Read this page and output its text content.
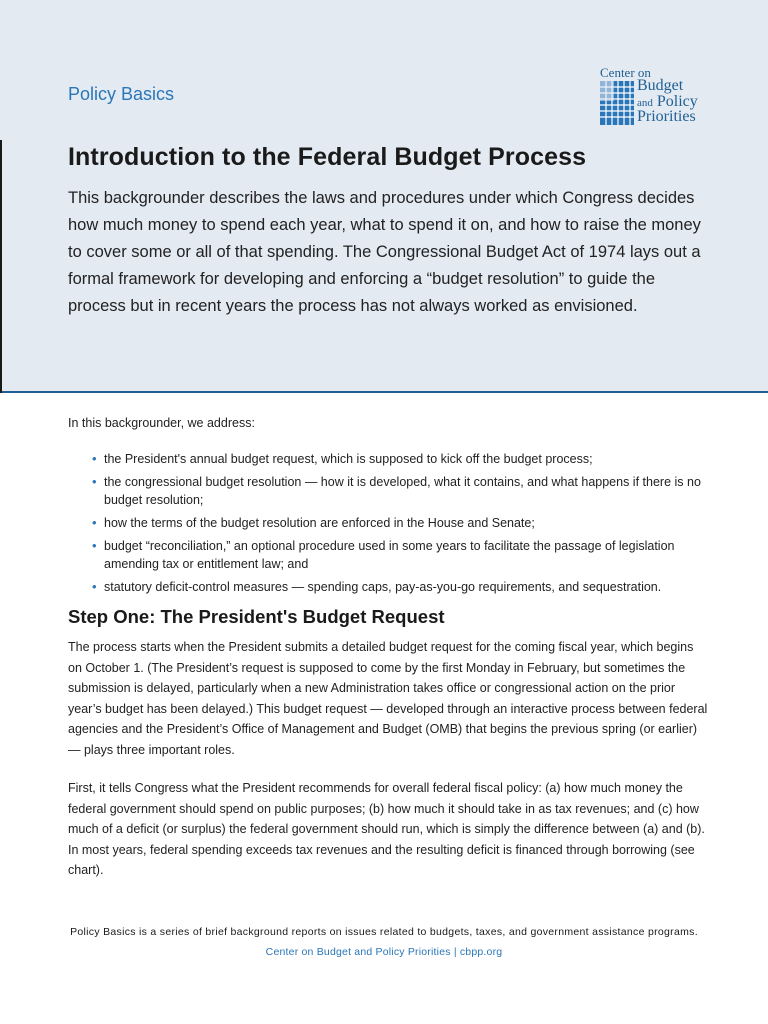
Policy Basics
Center on
Budget
and Policy
Priorities
Introduction to the Federal Budget Process

This backgrounder describes the laws and procedures under which Congress decides how much money to spend each year, what to spend it on, and how to raise the money to cover some or all of that spending. The Congressional Budget Act of 1974 lays out a formal framework for developing and enforcing a “budget resolution” to guide the process but in recent years the process has not always worked as envisioned.

In this backgrounder, we address:

• the President's annual budget request, which is supposed to kick off the budget process;
• the congressional budget resolution — how it is developed, what it contains, and what happens if there is no budget resolution;
• how the terms of the budget resolution are enforced in the House and Senate;
• budget “reconciliation,” an optional procedure used in some years to facilitate the passage of legislation amending tax or entitlement law; and
• statutory deficit-control measures — spending caps, pay-as-you-go requirements, and sequestration.
Step One: The President's Budget Request

The process starts when the President submits a detailed budget request for the coming fiscal year, which begins on October 1. (The President’s request is supposed to come by the first Monday in February, but sometimes the submission is delayed, particularly when a new Administration takes office or congressional action on the prior year’s budget has been delayed.) This budget request — developed through an interactive process between federal agencies and the President’s Office of Management and Budget (OMB) that begins the previous spring (or earlier) — plays three important roles.

First, it tells Congress what the President recommends for overall federal fiscal policy: (a) how much money the federal government should spend on public purposes; (b) how much it should take in as tax revenues; and (c) how much of a deficit (or surplus) the federal government should run, which is simply the difference between (a) and (b). In most years, federal spending exceeds tax revenues and the resulting deficit is financed through borrowing (see chart).

Policy Basics is a series of brief background reports on issues related to budgets, taxes, and government assistance programs.

Center on Budget and Policy Priorities | cbpp.org
